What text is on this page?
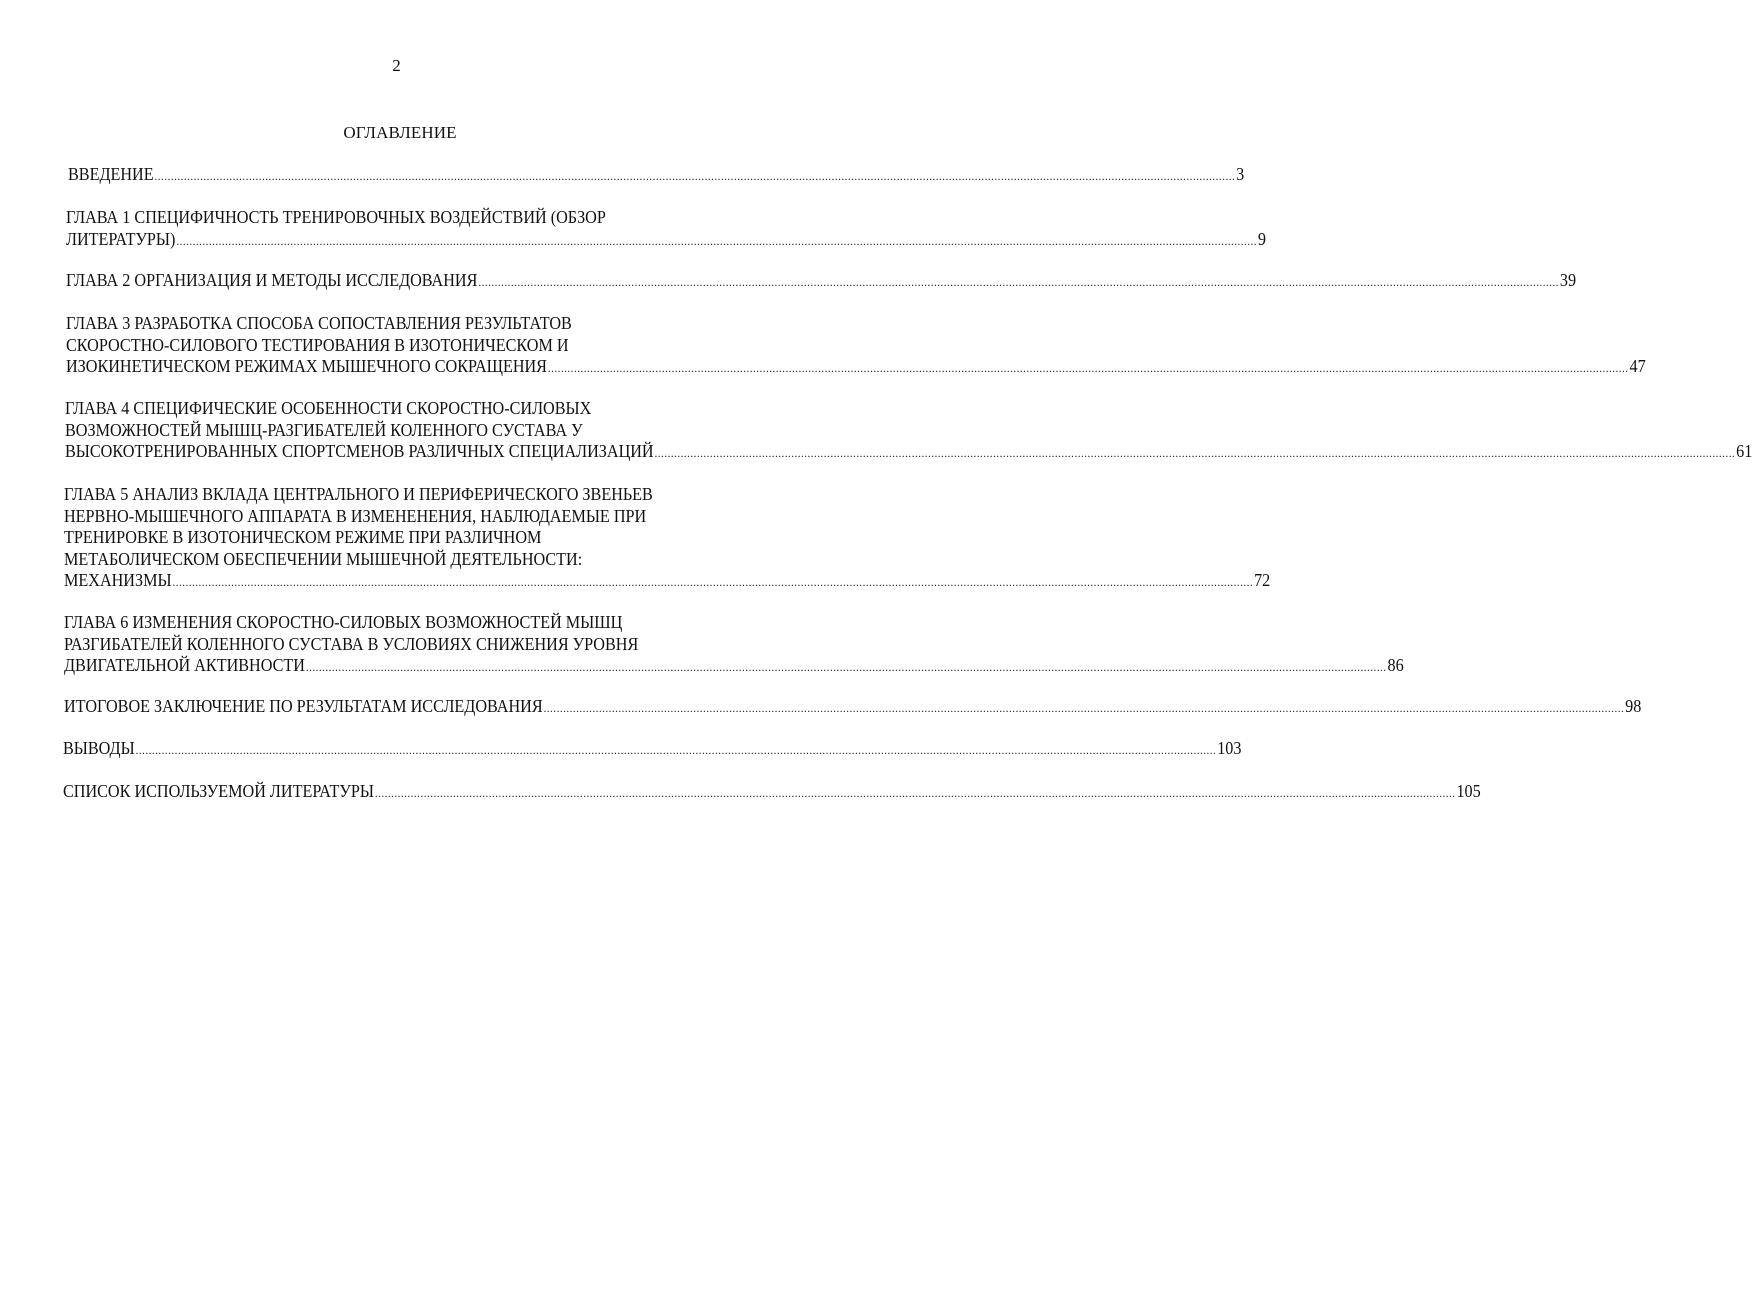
2
ОГЛАВЛЕНИЕ
ВВЕДЕНИЕ ............................................................................................................................................................................................................................................................................................................................................ 3
ГЛАВА 1 СПЕЦИФИЧНОСТЬ ТРЕНИРОВОЧНЫХ ВОЗДЕЙСТВИЙ (ОБЗОР
ЛИТЕРАТУРЫ) ............................................................................................................................................................................................................................................................................................................................................ 9
ГЛАВА 2 ОРГАНИЗАЦИЯ И МЕТОДЫ ИССЛЕДОВАНИЯ ............................................................................................................................................................................................................................................................................................................................................ 39
ГЛАВА 3 РАЗРАБОТКА СПОСОБА СОПОСТАВЛЕНИЯ РЕЗУЛЬТАТОВ
СКОРОСТНО-СИЛОВОГО ТЕСТИРОВАНИЯ В ИЗОТОНИЧЕСКОМ И
ИЗОКИНЕТИЧЕСКОМ РЕЖИМАХ МЫШЕЧНОГО СОКРАЩЕНИЯ ............................................................................................................................................................................................................................................................................................................................................ 47
ГЛАВА 4 СПЕЦИФИЧЕСКИЕ ОСОБЕННОСТИ СКОРОСТНО-СИЛОВЫХ
ВОЗМОЖНОСТЕЙ МЫШЦ-РАЗГИБАТЕЛЕЙ КОЛЕННОГО СУСТАВА У
ВЫСОКОТРЕНИРОВАННЫХ СПОРТСМЕНОВ РАЗЛИЧНЫХ СПЕЦИАЛИЗАЦИЙ ............................................................................................................................................................................................................................................................................................................................................ 61
ГЛАВА 5 АНАЛИЗ ВКЛАДА ЦЕНТРАЛЬНОГО И ПЕРИФЕРИЧЕСКОГО ЗВЕНЬЕВ
НЕРВНО-МЫШЕЧНОГО АППАРАТА В ИЗМЕНЕНЕНИЯ, НАБЛЮДАЕМЫЕ ПРИ
ТРЕНИРОВКЕ В ИЗОТОНИЧЕСКОМ РЕЖИМЕ ПРИ РАЗЛИЧНОМ
МЕТАБОЛИЧЕСКОМ ОБЕСПЕЧЕНИИ МЫШЕЧНОЙ ДЕЯТЕЛЬНОСТИ:
МЕХАНИЗМЫ ............................................................................................................................................................................................................................................................................................................................................ 72
ГЛАВА 6 ИЗМЕНЕНИЯ СКОРОСТНО-СИЛОВЫХ ВОЗМОЖНОСТЕЙ МЫШЦ
РАЗГИБАТЕЛЕЙ КОЛЕННОГО СУСТАВА В УСЛОВИЯХ СНИЖЕНИЯ УРОВНЯ
ДВИГАТЕЛЬНОЙ АКТИВНОСТИ ............................................................................................................................................................................................................................................................................................................................................ 86
ИТОГОВОЕ ЗАКЛЮЧЕНИЕ ПО РЕЗУЛЬТАТАМ ИССЛЕДОВАНИЯ ............................................................................................................................................................................................................................................................................................................................................ 98
ВЫВОДЫ ............................................................................................................................................................................................................................................................................................................................................ 103
СПИСОК ИСПОЛЬЗУЕМОЙ ЛИТЕРАТУРЫ ............................................................................................................................................................................................................................................................................................................................................ 105
